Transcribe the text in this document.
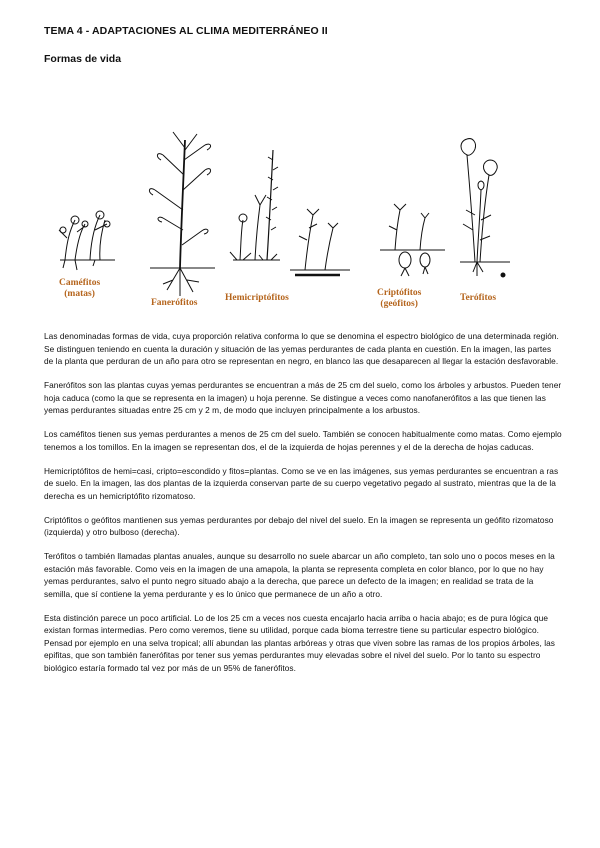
TEMA 4 - ADAPTACIONES AL CLIMA MEDITERRÁNEO II
Formas de vida
Caméfitos
(matas)
Fanerófitos	Hemicriptófitos	Criptófitos
(geófitos)
Terófitos

Las denominadas formas de vida, cuya proporción relativa conforma lo que se denomina el espectro biológico de una determinada región. Se distinguen teniendo en cuenta la duración y situación de las yemas perdurantes de cada planta en cuestión. En la imagen, las partes de la planta que perduran de un año para otro se representan en negro, en blanco las que desaparecen al llegar la estación desfavorable.

Fanerófitos son las plantas cuyas yemas perdurantes se encuentran a más de 25 cm del suelo, como los árboles y arbustos. Pueden tener hoja caduca (como la que se representa en la imagen) u hoja perenne. Se distingue a veces como nanofanerófitos a las que tienen las yemas perdurantes situadas entre 25 cm y 2 m, de modo que incluyen principalmente a los arbustos.

Los caméfitos tienen sus yemas perdurantes a menos de 25 cm del suelo. También se conocen habitualmente como matas. Como ejemplo tenemos a los tomillos. En la imagen se representan dos, el de la izquierda de hojas perennes y el de la derecha de hojas caducas.

Hemicriptófitos de hemi=casi, cripto=escondido y fitos=plantas. Como se ve en las imágenes, sus yemas perdurantes se encuentran a ras de suelo. En la imagen, las dos plantas de la izquierda conservan parte de su cuerpo vegetativo pegado al sustrato, mientras que la de la derecha es un hemicriptófito rizomatoso.

Criptófitos o geófitos mantienen sus yemas perdurantes por debajo del nivel del suelo. En la imagen se representa un geófito rizomatoso (izquierda) y otro bulboso (derecha).

Terófitos o también llamadas plantas anuales, aunque su desarrollo no suele abarcar un año completo, tan solo uno o pocos meses en la estación más favorable. Como veis en la imagen de una amapola, la planta se representa completa en color blanco, por lo que no hay yemas perdurantes, salvo el punto negro situado abajo a la derecha, que parece un defecto de la imagen; en realidad se trata de la semilla, que sí contiene la yema perdurante y es lo único que permanece de un año a otro.

Esta distinción parece un poco artificial. Lo de los 25 cm a veces nos cuesta encajarlo hacia arriba o hacia abajo; es de pura lógica que existan formas intermedias. Pero como veremos, tiene su utilidad, porque cada bioma terrestre tiene su particular espectro biológico. Pensad por ejemplo en una selva tropical; allí abundan las plantas arbóreas y otras que viven sobre las ramas de los propios árboles, las epifitas, que son también fanerófitas por tener sus yemas perdurantes muy elevadas sobre el nivel del suelo. Por lo tanto su espectro biológico estaría formado tal vez por más de un 95% de fanerófitos.
